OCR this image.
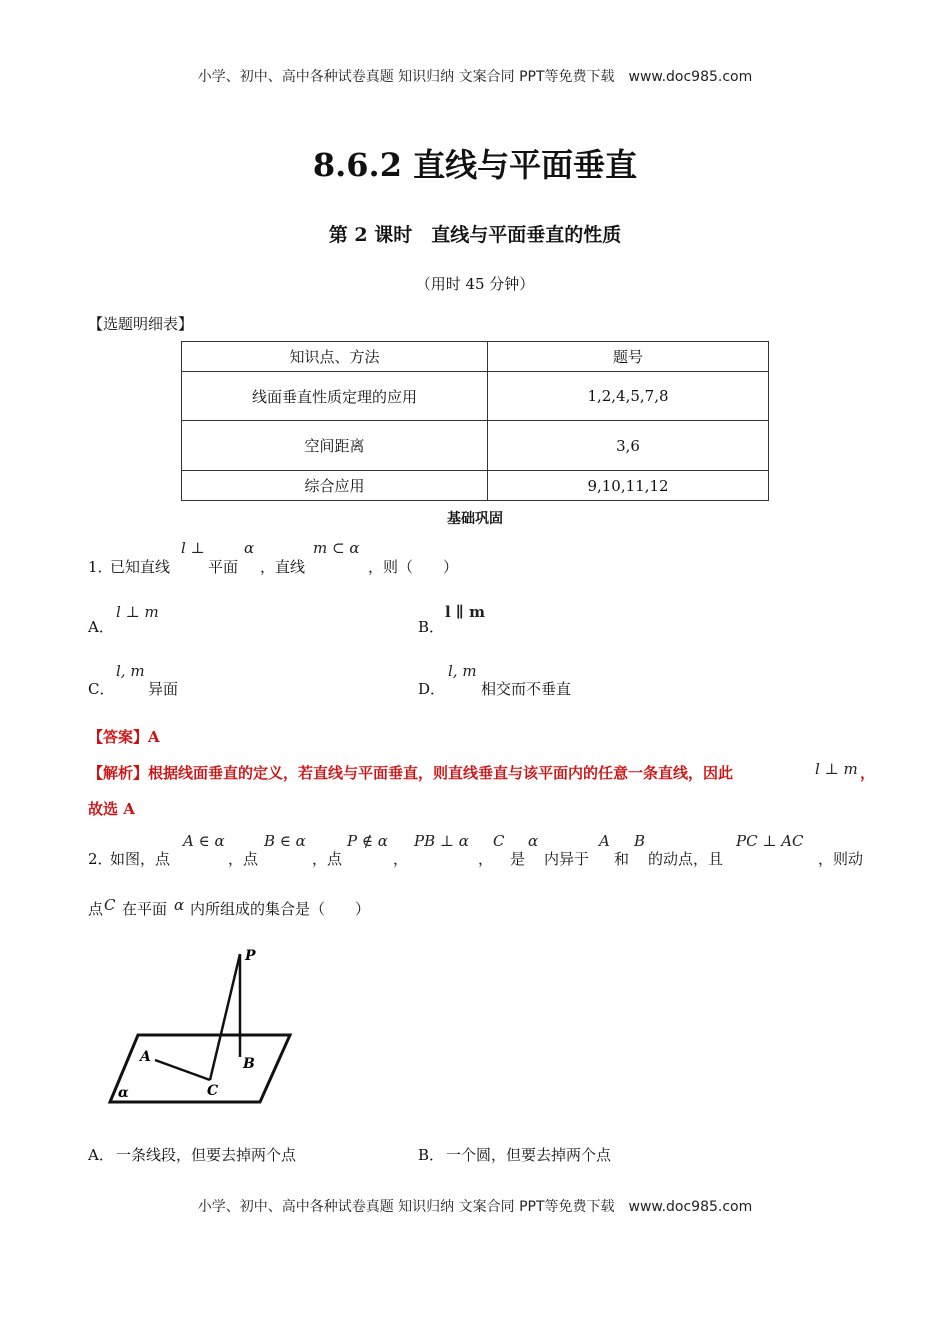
小学、初中、高中各种试卷真题 知识归纳 文案合同 PPT等免费下载　www.doc985.com
8.6.2 直线与平面垂直
第 2 课时　直线与平面垂直的性质
（用时 45 分钟）
【选题明细表】
知识点、方法	题号
线面垂直性质定理的应用	1,2,4,5,7,8
空间距离	3,6
综合应用	9,10,11,12
基础巩固
1．
已知直线
l ⊥
平面
α
，直线
m ⊂ α
，则（　　）
A．
l ⊥ m
B．
l ∥ m
C．
l, m
异面	D．
l, m
相交而不垂直
【答案】A
【解析】 根据线面垂直的定义，若直线与平面垂直，则直线垂直与该平面内的任意一条直线，因此	l ⊥ m ，
故选 A
2．
如图，点
A ∈ α
，点
B ∈ α
，点
P ∉ α
，
PB ⊥ α
，
C
是
α
内异于
A
和
B
的动点，且
PC ⊥ AC
，则动
点 C 在平面 α 内所组成的集合是（　　）
P
A	B
C
α
A． 一条线段，但要去掉两个点	B． 一个圆，但要去掉两个点
小学、初中、高中各种试卷真题 知识归纳 文案合同 PPT等免费下载　www.doc985.com
